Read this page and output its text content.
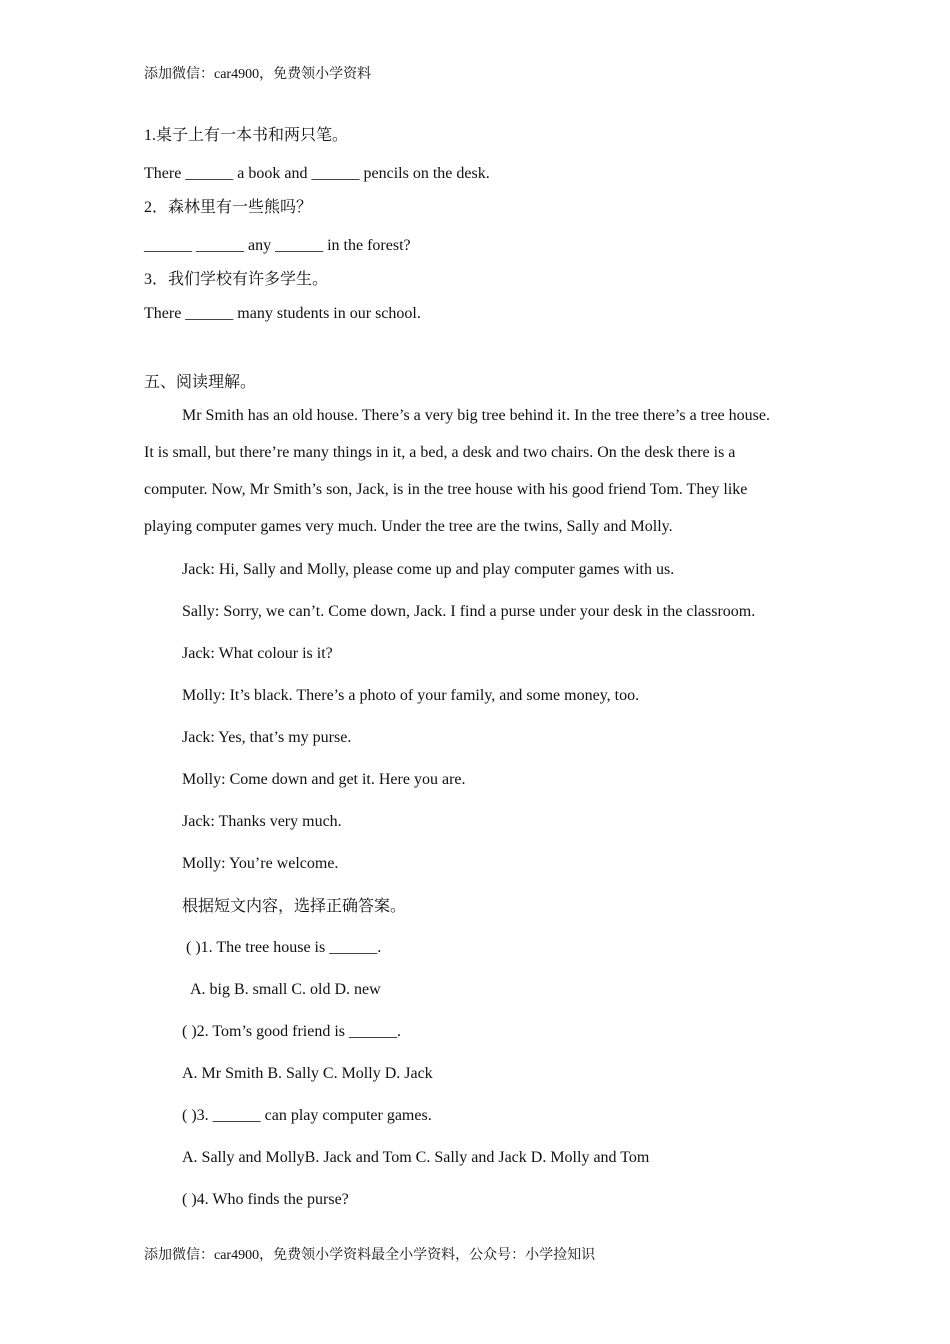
添加微信：car4900，免费领小学资料
1.桌子上有一本书和两只笔。
There ______ a book and ______ pencils on the desk.
2．森林里有一些熊吗？
______ ______ any ______ in the forest?
3．我们学校有许多学生。
There ______ many students in our school.
五、阅读理解。
Mr Smith has an old house. There’s a very big tree behind it. In the tree there’s a tree house.
It is small, but there’re many things in it, a bed, a desk and two chairs. On the desk there is a
computer. Now, Mr Smith’s son, Jack, is in the tree house with his good friend Tom. They like
playing computer games very much. Under the tree are the twins, Sally and Molly.
Jack: Hi, Sally and Molly, please come up and play computer games with us.
Sally: Sorry, we can’t. Come down, Jack. I find a purse under your desk in the classroom.
Jack: What colour is it?
Molly: It’s black. There’s a photo of your family, and some money, too.
Jack: Yes, that’s my purse.
Molly: Come down and get it. Here you are.
Jack: Thanks very much.
Molly: You’re welcome.
根据短文内容，选择正确答案。
( )1. The tree house is ______.
A. big B. small C. old D. new
( )2. Tom’s good friend is ______.
A. Mr Smith B. Sally C. Molly D. Jack
( )3. ______ can play computer games.
A. Sally and MollyB. Jack and Tom C. Sally and Jack D. Molly and Tom
( )4. Who finds the purse?
添加微信：car4900，免费领小学资料最全小学资料，公众号：小学捡知识
